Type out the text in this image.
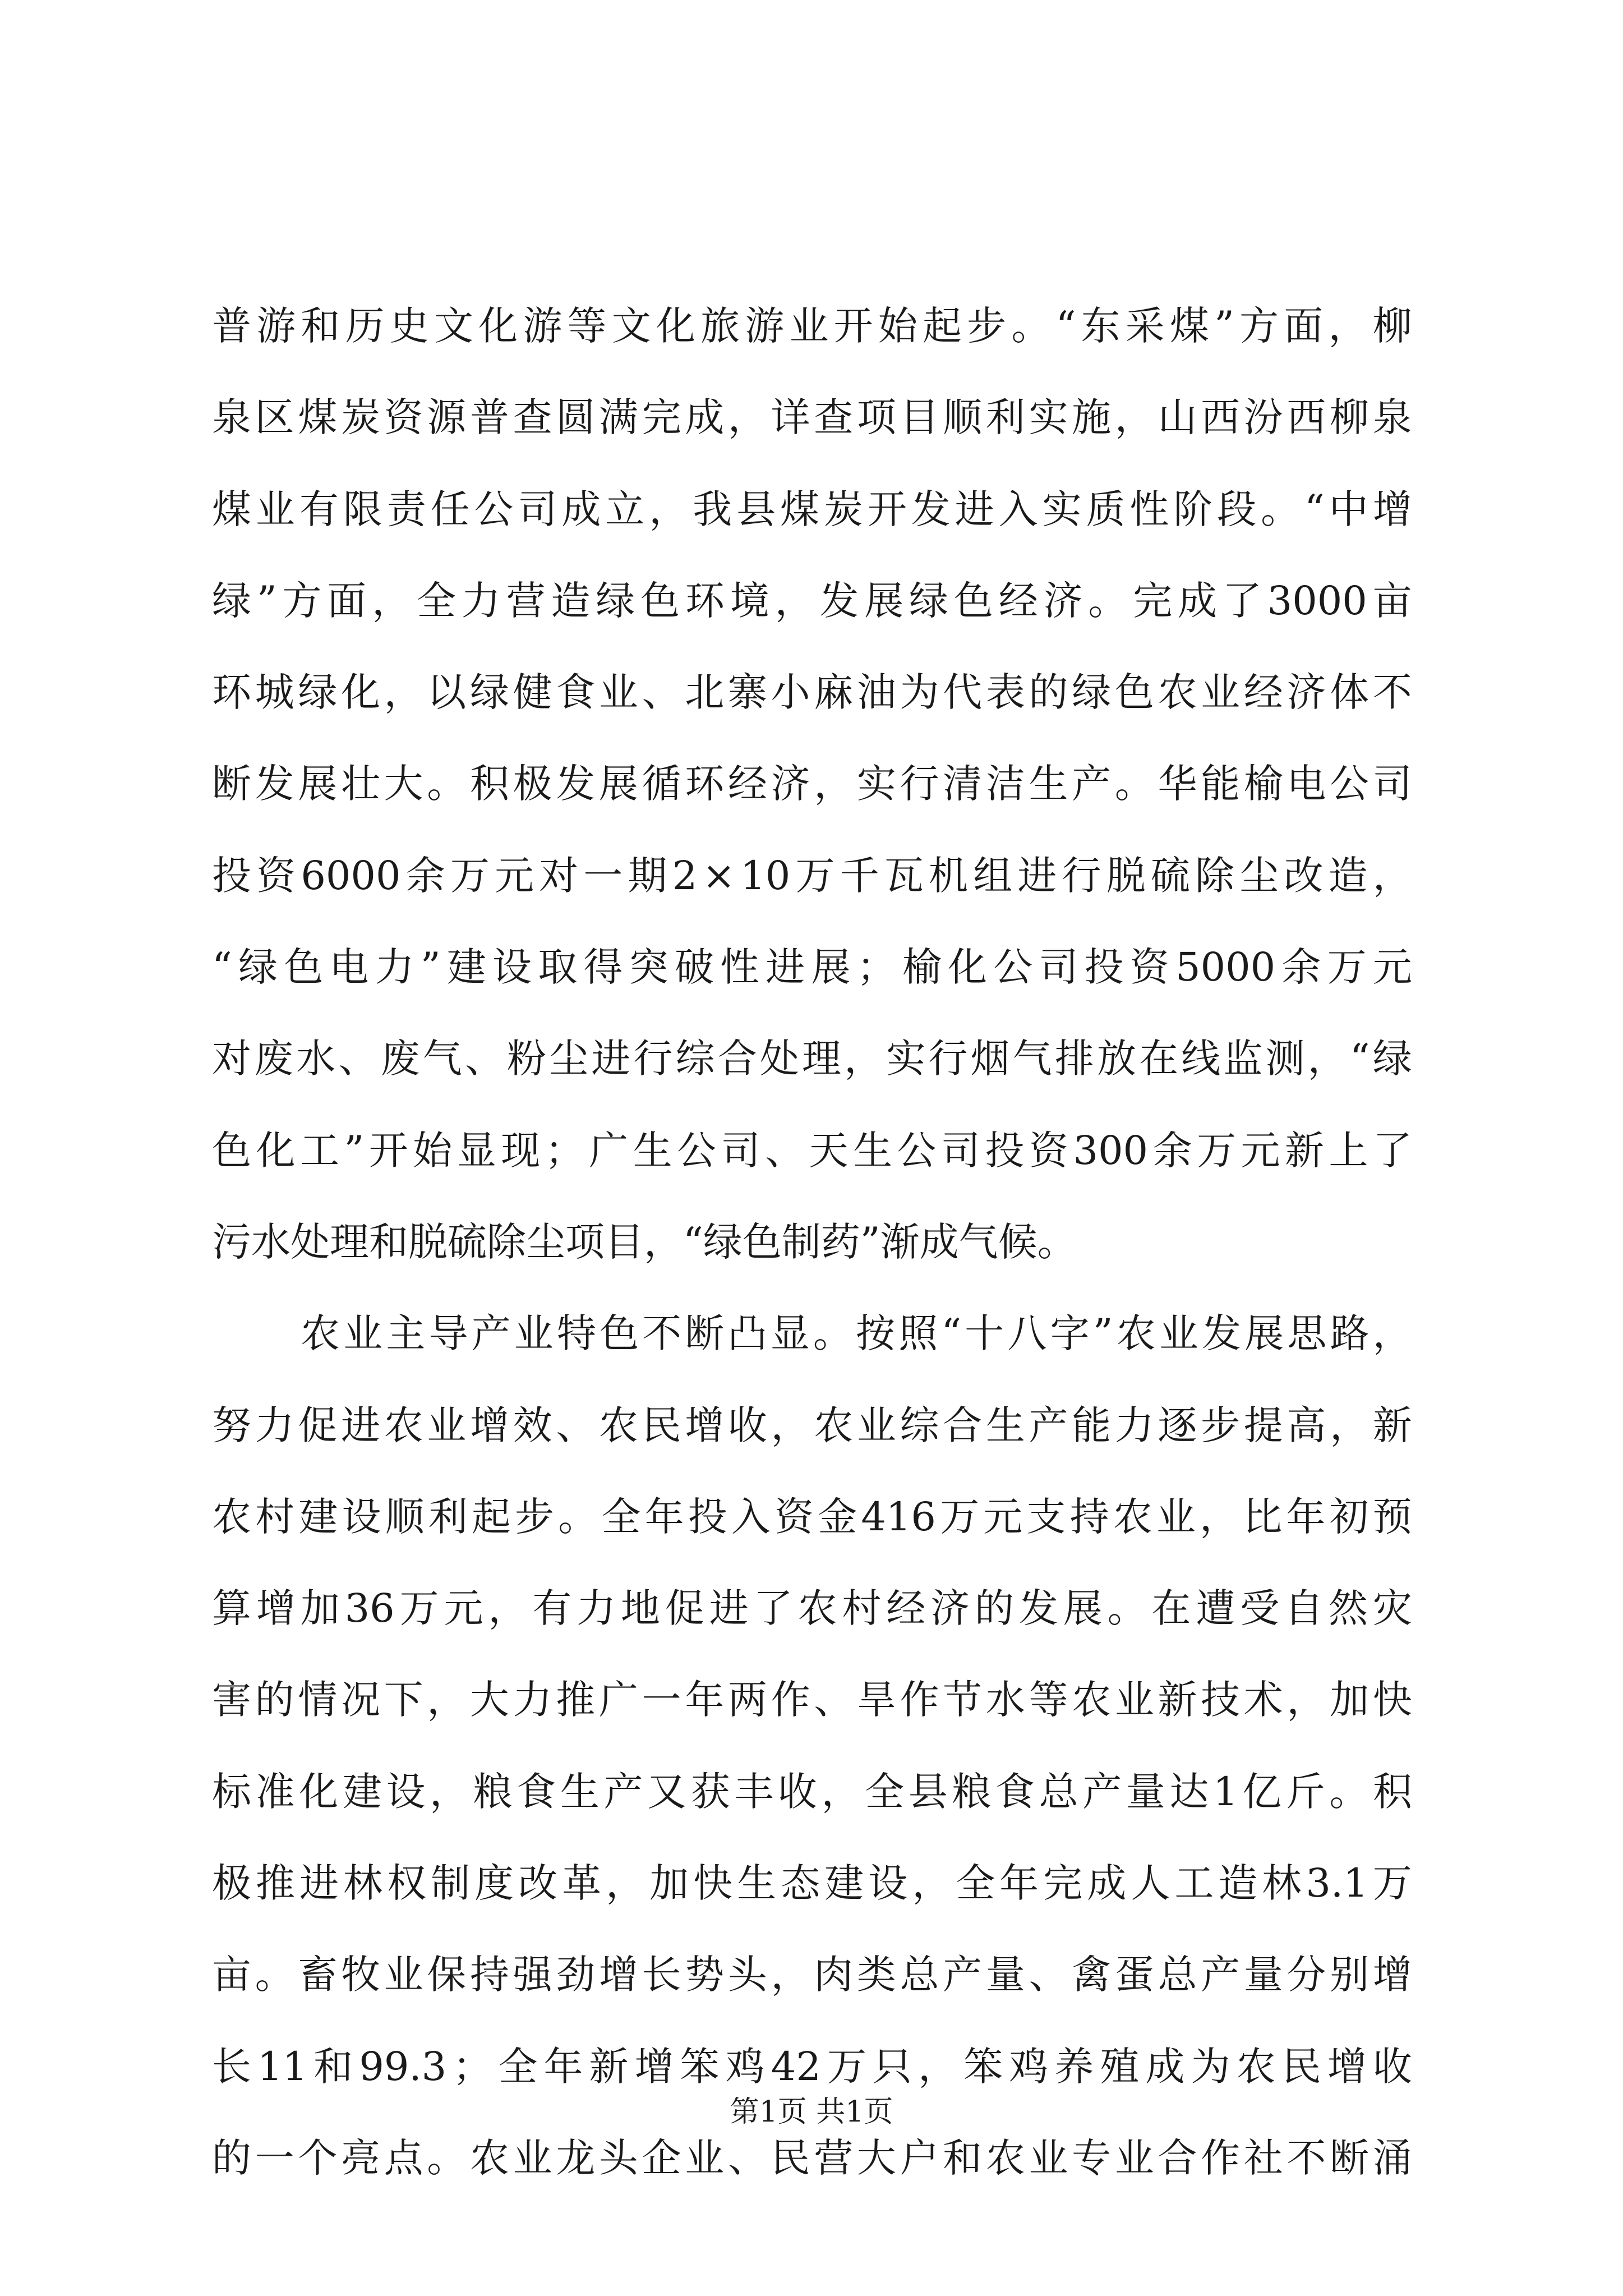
普 游 和 历 史 文 化 游 等 文 化 旅 游 业 开 始 起 步 。 “ 东 采 煤 ” 方 面 ， 柳
泉 区 煤 炭 资 源 普 查 圆 满 完 成 ， 详 查 项 目 顺 利 实 施 ， 山 西 汾 西 柳 泉
煤 业 有 限 责 任 公 司 成 立 ， 我 县 煤 炭 开 发 进 入 实 质 性 阶 段 。 “ 中 增
绿 ” 方 面 ， 全 力 营 造 绿 色 环 境 ， 发 展 绿 色 经 济 。 完 成 了 3000 亩
环 城 绿 化 ， 以 绿 健 食 业 、 北 寨 小 麻 油 为 代 表 的 绿 色 农 业 经 济 体 不
断 发 展 壮 大 。 积 极 发 展 循 环 经 济 ， 实 行 清 洁 生 产 。 华 能 榆 电 公 司
投 资 6000 余 万 元 对 一 期 2 × 10 万 千 瓦 机 组 进 行 脱 硫 除 尘 改 造 ，
“ 绿 色 电 力 ” 建 设 取 得 突 破 性 进 展 ； 榆 化 公 司 投 资 5000 余 万 元
对 废 水 、 废 气 、 粉 尘 进 行 综 合 处 理 ， 实 行 烟 气 排 放 在 线 监 测 ， “ 绿
色 化 工 ” 开 始 显 现 ； 广 生 公 司 、 天 生 公 司 投 资 300 余 万 元 新 上 了
污 水 处 理 和 脱 硫 除 尘 项 目 ， “ 绿 色 制 药 ” 渐 成 气 候 。
农 业 主 导 产 业 特 色 不 断 凸 显 。 按 照 “ 十 八 字 ” 农 业 发 展 思 路 ，
努 力 促 进 农 业 增 效 、 农 民 增 收 ， 农 业 综 合 生 产 能 力 逐 步 提 高 ， 新
农 村 建 设 顺 利 起 步 。 全 年 投 入 资 金 416 万 元 支 持 农 业 ， 比 年 初 预
算 增 加 36 万 元 ， 有 力 地 促 进 了 农 村 经 济 的 发 展 。 在 遭 受 自 然 灾
害 的 情 况 下 ， 大 力 推 广 一 年 两 作 、 旱 作 节 水 等 农 业 新 技 术 ， 加 快
标 准 化 建 设 ， 粮 食 生 产 又 获 丰 收 ， 全 县 粮 食 总 产 量 达 1 亿 斤 。 积
极 推 进 林 权 制 度 改 革 ， 加 快 生 态 建 设 ， 全 年 完 成 人 工 造 林 3.1 万
亩 。 畜 牧 业 保 持 强 劲 增 长 势 头 ， 肉 类 总 产 量 、 禽 蛋 总 产 量 分 别 增
长 11 和 99.3 ； 全 年 新 增 笨 鸡 42 万 只 ， 笨 鸡 养 殖 成 为 农 民 增 收
的 一 个 亮 点 。 农 业 龙 头 企 业 、 民 营 大 户 和 农 业 专 业 合 作 社 不 断 涌
第1页 共1页
